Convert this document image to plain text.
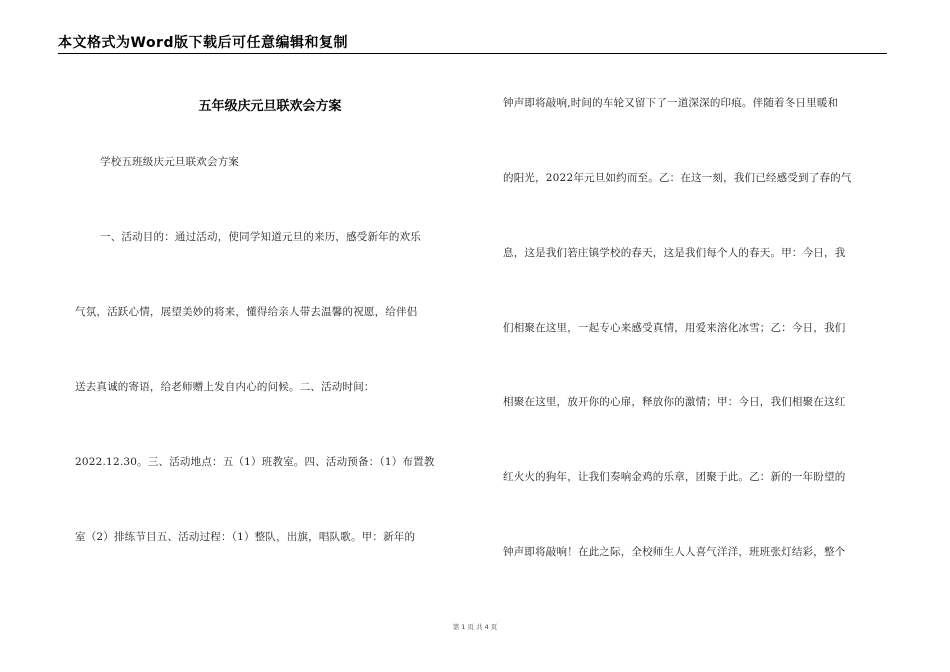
本文格式为Word版下载后可任意编辑和复制
五年级庆元旦联欢会方案
学校五班级庆元旦联欢会方案
一、活动目的：通过活动，使同学知道元旦的来历，感受新年的欢乐
气氛，活跃心情，展望美妙的将来，懂得给亲人带去温馨的祝愿，给伴侣
送去真诚的寄语，给老师赠上发自内心的问候。二、活动时间：
2022.12.30。三、活动地点：五（1）班教室。四、活动预备：（1）布置教
室（2）排练节目五、活动过程：（1）整队，出旗，唱队歌。甲：新年的
钟声即将敲响,时间的车轮又留下了一道深深的印痕。伴随着冬日里暖和
的阳光，2022年元旦如约而至。乙：在这一刻，我们已经感受到了春的气
息，这是我们箬庄镇学校的春天，这是我们每个人的春天。甲：今日，我
们相聚在这里，一起专心来感受真情，用爱来溶化冰雪；乙：今日，我们
相聚在这里，放开你的心扉，释放你的激情；甲：今日，我们相聚在这红
红火火的狗年，让我们奏响金鸡的乐章，团聚于此。乙：新的一年盼望的
钟声即将敲响！在此之际，全校师生人人喜气洋洋，班班张灯结彩，整个
第 1 页 共 4 页
